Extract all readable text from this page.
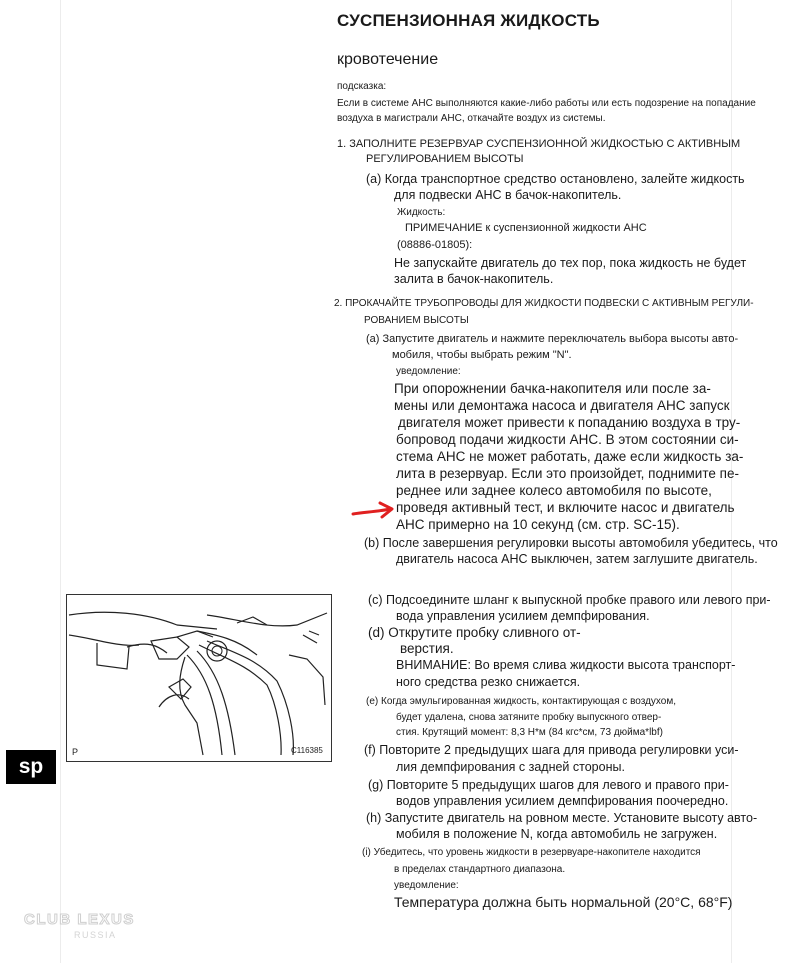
СУСПЕНЗИОННАЯ ЖИДКОСТЬ
кровотечение
подсказка:
Если в системе АНС выполняются какие-либо работы или есть подозрение на попадание
воздуха в магистрали АНС, откачайте воздух из системы.
1. ЗАПОЛНИТЕ РЕЗЕРВУАР СУСПЕНЗИОННОЙ ЖИДКОСТЬЮ С АКТИВНЫМ
РЕГУЛИРОВАНИЕМ ВЫСОТЫ
(a) Когда транспортное средство остановлено, залейте жидкость
для подвески АНС в бачок-накопитель.
Жидкость:
ПРИМЕЧАНИЕ к суспензионной жидкости АНС
(08886-01805):
Не запускайте двигатель до тех пор, пока жидкость не будет
залита в бачок-накопитель.
2. ПРОКАЧАЙТЕ ТРУБОПРОВОДЫ ДЛЯ ЖИДКОСТИ ПОДВЕСКИ С АКТИВНЫМ РЕГУЛИ-
РОВАНИЕМ ВЫСОТЫ
(a) Запустите двигатель и нажмите переключатель выбора высоты авто-
мобиля, чтобы выбрать режим "N".
уведомление:
При опорожнении бачка-накопителя или после за-
мены или демонтажа насоса и двигателя АНС запуск
двигателя может привести к попаданию воздуха в тру-
бопровод подачи жидкости АНС. В этом состоянии си-
стема АНС не может работать, даже если жидкость за-
лита в резервуар. Если это произойдет, поднимите пе-
реднее или заднее колесо автомобиля по высоте,
проведя активный тест, и включите насос и двигатель
АНС примерно на 10 секунд (см. стр. SC-15).
(b) После завершения регулировки высоты автомобиля убедитесь, что
двигатель насоса АНС выключен, затем заглушите двигатель.
(c) Подсоедините шланг к выпускной пробке правого или левого при-
вода управления усилием демпфирования.
(d) Открутите пробку сливного от-
верстия.
ВНИМАНИЕ: Во время слива жидкости высота транспорт-
ного средства резко снижается.
(e) Когда эмульгированная жидкость, контактирующая с воздухом,
будет удалена, снова затяните пробку выпускного отвер-
стия. Крутящий момент: 8,3 Н*м (84 кгс*см, 73 дюйма*lbf)
(f) Повторите 2 предыдущих шага для привода регулировки уси-
лия демпфирования с задней стороны.
(g) Повторите 5 предыдущих шагов для левого и правого при-
водов управления усилием демпфирования поочередно.
(h) Запустите двигатель на ровном месте. Установите высоту авто-
мобиля в положение N, когда автомобиль не загружен.
(i) Убедитесь, что уровень жидкости в резервуаре-накопителе находится
в пределах стандартного диапазона.
уведомление:
Температура должна быть нормальной (20°C, 68°F)
P	C116385
sp
CLUB LEXUS
RUSSIA
